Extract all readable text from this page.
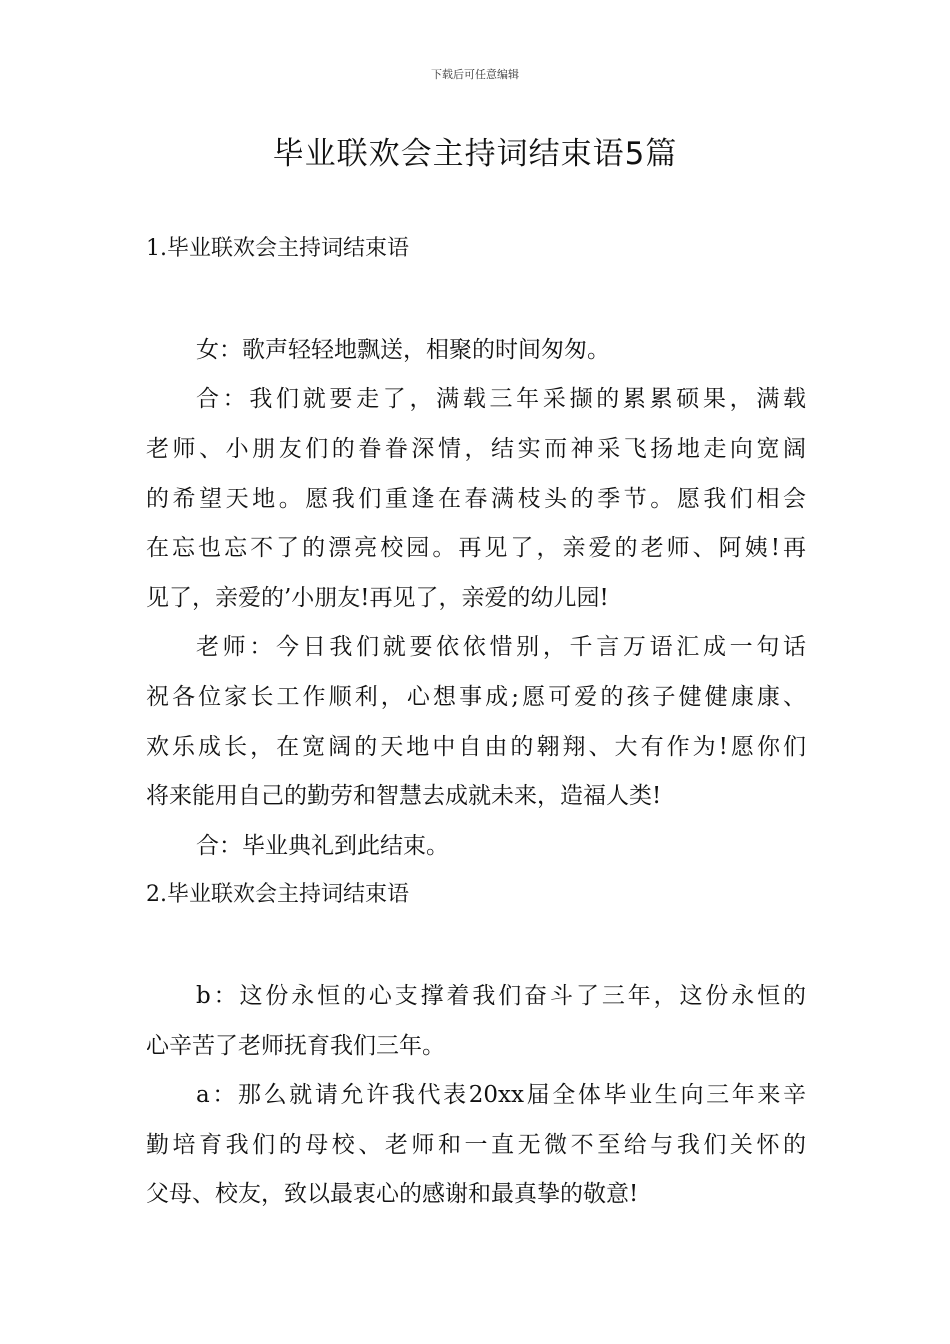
下载后可任意编辑
毕业联欢会主持词结束语5篇
1.毕业联欢会主持词结束语
女：歌声轻轻地飘送，相聚的时间匆匆。
合：我们就要走了，满载三年采撷的累累硕果，满载
老师、小朋友们的眷眷深情，结实而神采飞扬地走向宽阔
的希望天地。愿我们重逢在春满枝头的季节。愿我们相会
在忘也忘不了的漂亮校园。再见了，亲爱的老师、阿姨!再
见了，亲爱的’小朋友!再见了，亲爱的幼儿园!
老师：今日我们就要依依惜别，千言万语汇成一句话
祝各位家长工作顺利，心想事成;愿可爱的孩子健健康康、
欢乐成长，在宽阔的天地中自由的翱翔、大有作为!愿你们
将来能用自己的勤劳和智慧去成就未来，造福人类!
合：毕业典礼到此结束。
2.毕业联欢会主持词结束语
b：这份永恒的心支撑着我们奋斗了三年，这份永恒的
心辛苦了老师抚育我们三年。
a：那么就请允许我代表20xx届全体毕业生向三年来辛
勤培育我们的母校、老师和一直无微不至给与我们关怀的
父母、校友，致以最衷心的感谢和最真挚的敬意!
